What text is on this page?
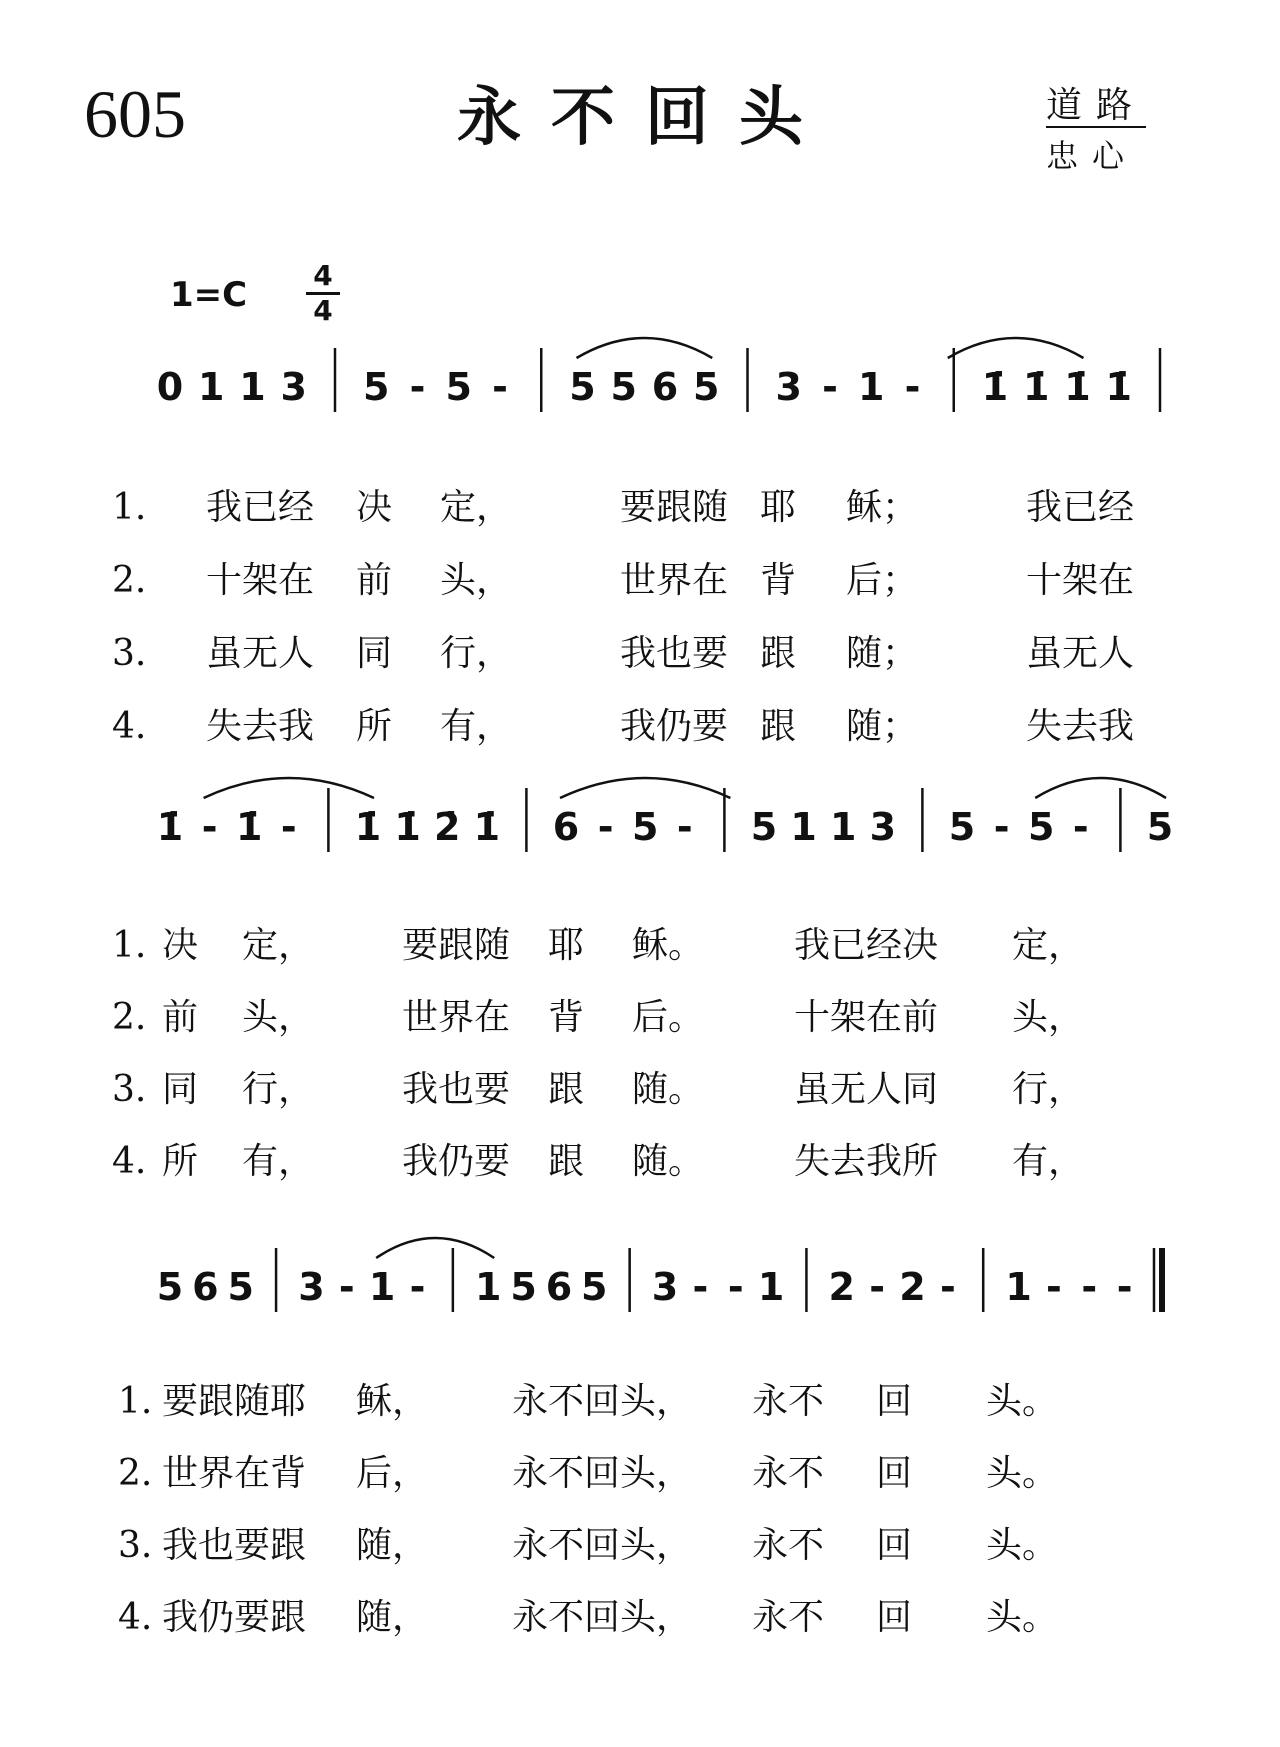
605	永不回头	道路
忠心
$1=C \frac{4}{4}$
0 1 1 3 5 - 5 - 5 5 6 5 3 - 1 - 1̇ 1̇ 1̇ 1̇
1. 我已经 决 定，	要跟随 耶 稣；	我已经
2. 十架在 前 头，	世界在 背 后；	十架在
3. 虽无人 同 行，	我也要 跟 随；	虽无人
4. 失去我 所 有，	我仍要 跟 随；	失去我
1̇ - 1̇ - 1̇ 1̇ 2̇ 1̇ 6 - 5 - 5 1 1 3 5 - 5 - 5
1. 决 定， 要跟随 耶 稣。 我已经决 定，
2. 前 头， 世界在 背 后。 十架在前 头，
3. 同 行， 我也要 跟 随。 虽无人同 行，
4. 所 有， 我仍要 跟 随。 失去我所 有，
5 6 5 3 - 1 - 1 5 6 5 3 - - 1 2 - 2 - 1 - - -
1. 要跟随耶 稣， 永不回头， 永不 回 头。
2. 世界在背 后， 永不回头， 永不 回 头。
3. 我也要跟 随， 永不回头， 永不 回 头。
4. 我仍要跟 随， 永不回头， 永不 回 头。
